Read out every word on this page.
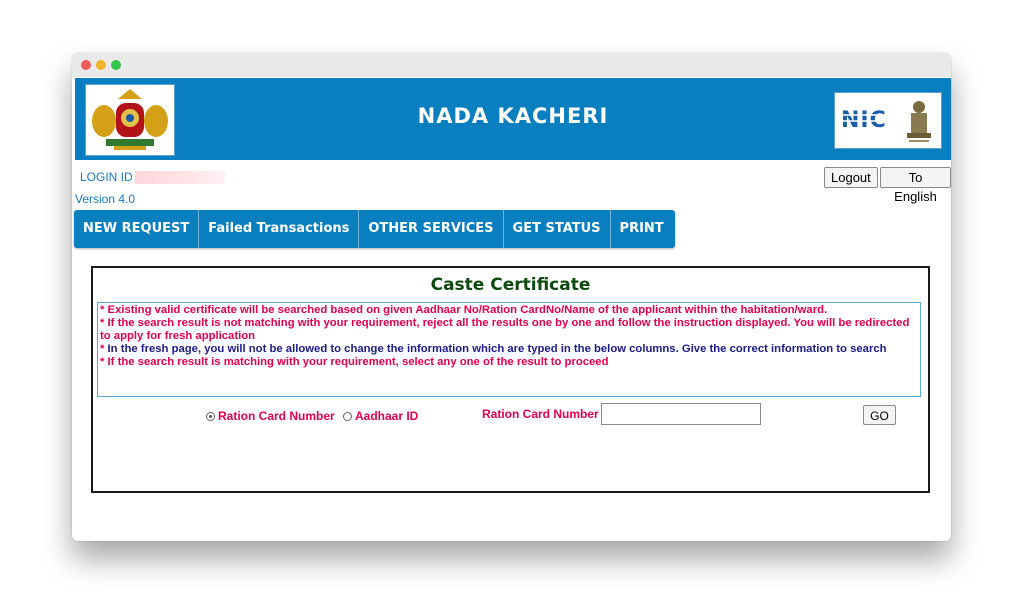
NADA KACHERI	NIC
LOGIN ID
Version 4.0
Logout	To English
NEW REQUEST	Failed Transactions	OTHER SERVICES	GET STATUS	PRINT
Caste Certificate

* Existing valid certificate will be searched based on given Aadhaar No/Ration CardNo/Name of the applicant within the habitation/ward.

* If the search result is not matching with your requirement, reject all the results one by one and follow the instruction displayed. You will be redirected to apply for fresh application

* In the fresh page, you will not be allowed to change the information which are typed in the below columns. Give the correct information to search

* If the search result is matching with your requirement, select any one of the result to proceed

Ration Card Number	Aadhaar ID	Ration Card Number	GO
